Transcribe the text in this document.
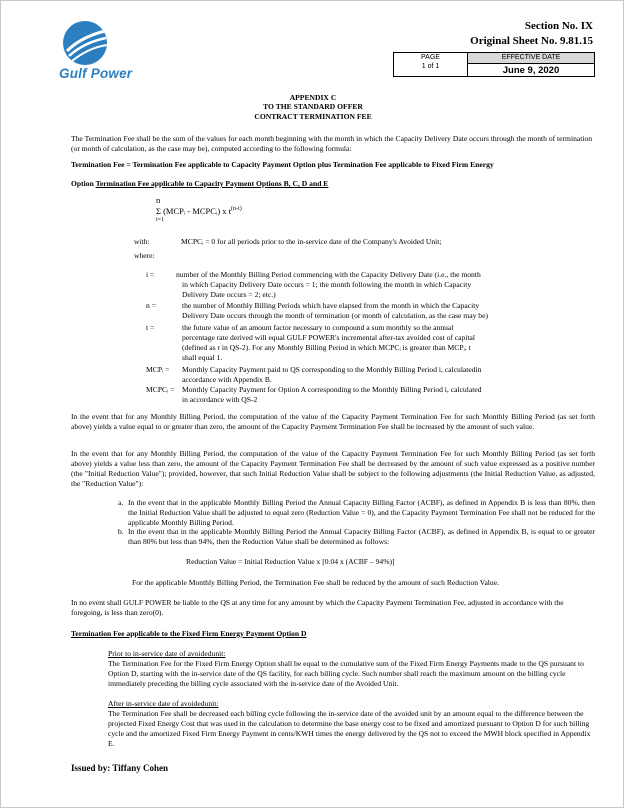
Gulf Power
Section No. IX
Original Sheet No. 9.81.15
PAGE
1 of 1
EFFECTIVE DATE
June 9, 2020
APPENDIX C
TO THE STANDARD OFFER
CONTRACT TERMINATION FEE
The Termination Fee shall be the sum of the values for each month beginning with the month in which the Capacity Delivery Date occurs through the month of termination (or month of calculation, as the case may be), computed according to the following formula:
Termination Fee = Termination Fee applicable to Capacity Payment Option plus Termination Fee applicable to Fixed Firm Energy
Option Termination Fee applicable to Capacity Payment Options B, C, D and E
n
Σ (MCPᵢ - MCPCᵢ) x $t^{(n-i)}$
i=1
with:	MCPCᵢ = 0 for all periods prior to the in-service date of the Company's Avoided Unit;
where:
i =	number of the Monthly Billing Period commencing with the Capacity Delivery Date (i.e., the month
in which Capacity Delivery Date occurs = 1; the month following the month in which Capacity
Delivery Date occurs = 2; etc.)
n =	the number of Monthly Billing Periods which have elapsed from the month in which the Capacity
Delivery Date occurs through the month of termination (or month of calculation, as the case may be)
t =	the future value of an amount factor necessary to compound a sum monthly so the annual
percentage rate derived will equal GULF POWER's incremental after-tax avoided cost of capital
(defined as r in QS-2). For any Monthly Billing Period in which MCPCᵢ is greater than MCPᵢ, t
shall equal 1.
MCPᵢ = Monthly Capacity Payment paid to QS corresponding to the Monthly Billing Period i, calculatedin
accordance with Appendix B.
MCPCᵢ = Monthly Capacity Payment for Option A corresponding to the Monthly Billing Period i, calculated
in accordance with QS-2
In the event that for any Monthly Billing Period, the computation of the value of the Capacity Payment Termination Fee for such Monthly Billing Period (as set forth above) yields a value equal to or greater than zero, the amount of the Capacity Payment Termination Fee shall be increased by the amount of such value.
In the event that for any Monthly Billing Period, the computation of the value of the Capacity Payment Termination Fee for such Monthly Billing Period (as set forth above) yields a value less than zero, the amount of the Capacity Payment Termination Fee shall be decreased by the amount of such value expressed as a positive number (the "Initial Reduction Value"); provided, however, that such Initial Reduction Value shall be subject to the following adjustments (the Initial Reduction Value, as adjusted, the "Reduction Value"):
a. In the event that in the applicable Monthly Billing Period the Annual Capacity Billing Factor (ACBF), as defined in Appendix B is less than 80%, then the Initial Reduction Value shall be adjusted to equal zero (Reduction Value = 0), and the Capacity Payment Termination Fee shall not be reduced for the applicable Monthly Billing Period.
b. In the event that in the applicable Monthly Billing Period the Annual Capacity Billing Factor (ACBF), as defined in Appendix B, is equal to or greater than 80% but less than 94%, then the Reduction Value shall be determined as follows:
Reduction Value = Initial Reduction Value x [0.04 x (ACBF – 94%)]
For the applicable Monthly Billing Period, the Termination Fee shall be reduced by the amount of such Reduction Value.
In no event shall GULF POWER be liable to the QS at any time for any amount by which the Capacity Payment Termination Fee, adjusted in accordance with the foregoing, is less than zero(0).
Termination Fee applicable to the Fixed Firm Energy Payment Option D
Prior to in-service date of avoidedunit:
The Termination Fee for the Fixed Firm Energy Option shall be equal to the cumulative sum of the Fixed Firm Energy Payments made to the QS pursuant to Option D, starting with the in-service date of the QS facility, for each billing cycle. Such number shall reach the maximum amount on the billing cycle immediately preceding the billing cycle associated with the in-service date of the Avoided Unit.
After in-service date of avoidedunit:
The Termination Fee shall be decreased each billing cycle following the in-service date of the avoided unit by an amount equal to the difference between the projected Fixed Energy Cost that was used in the calculation to determine the base energy cost to be fixed and amortized pursuant to Option D for such billing cycle and the amortized Fixed Firm Energy Payment in cents/KWH times the energy delivered by the QS not to exceed the MWH block specified in Appendix E.
Issued by: Tiffany Cohen
